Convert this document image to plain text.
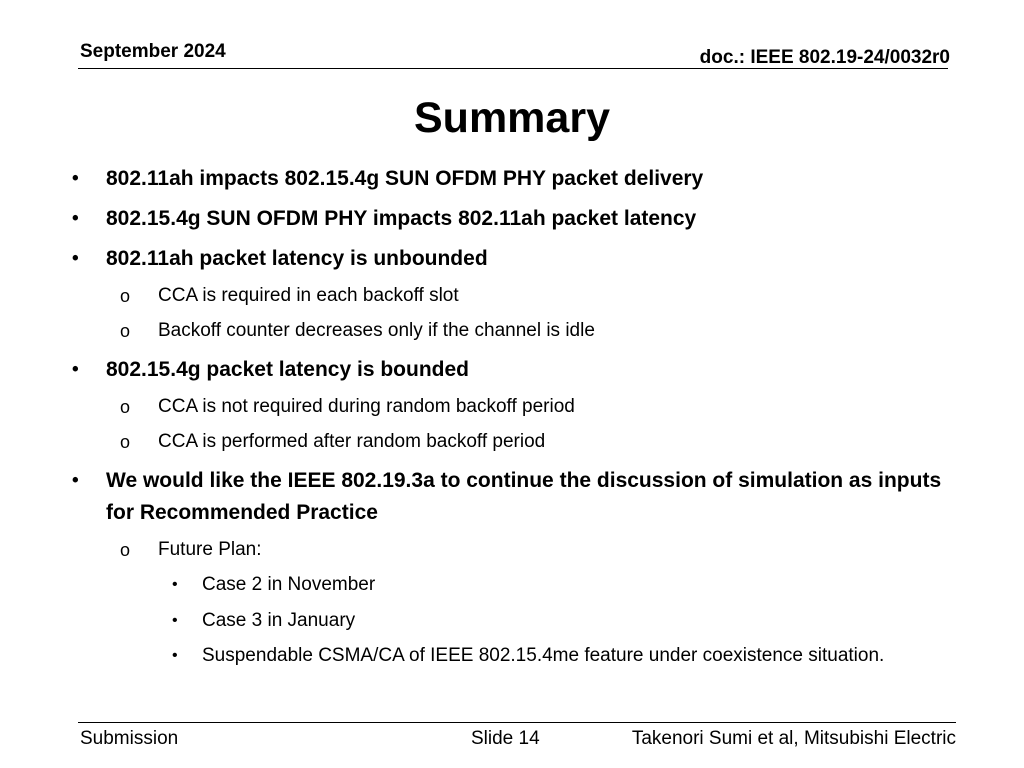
September 2024	doc.: IEEE 802.19-24/0032r0
Summary
• 802.11ah impacts 802.15.4g SUN OFDM PHY packet delivery
• 802.15.4g SUN OFDM PHY impacts 802.11ah packet latency
• 802.11ah packet latency is unbounded
o CCA is required in each backoff slot
o Backoff counter decreases only if the channel is idle
• 802.15.4g packet latency is bounded
o CCA is not required during random backoff period
o CCA is performed after random backoff period
• We would like the IEEE 802.19.3a to continue the discussion of simulation as inputs for Recommended Practice
o Future Plan:
• Case 2 in November
• Case 3 in January
• Suspendable CSMA/CA of IEEE 802.15.4me feature under coexistence situation.
Submission	Slide 14	Takenori Sumi et al, Mitsubishi Electric
